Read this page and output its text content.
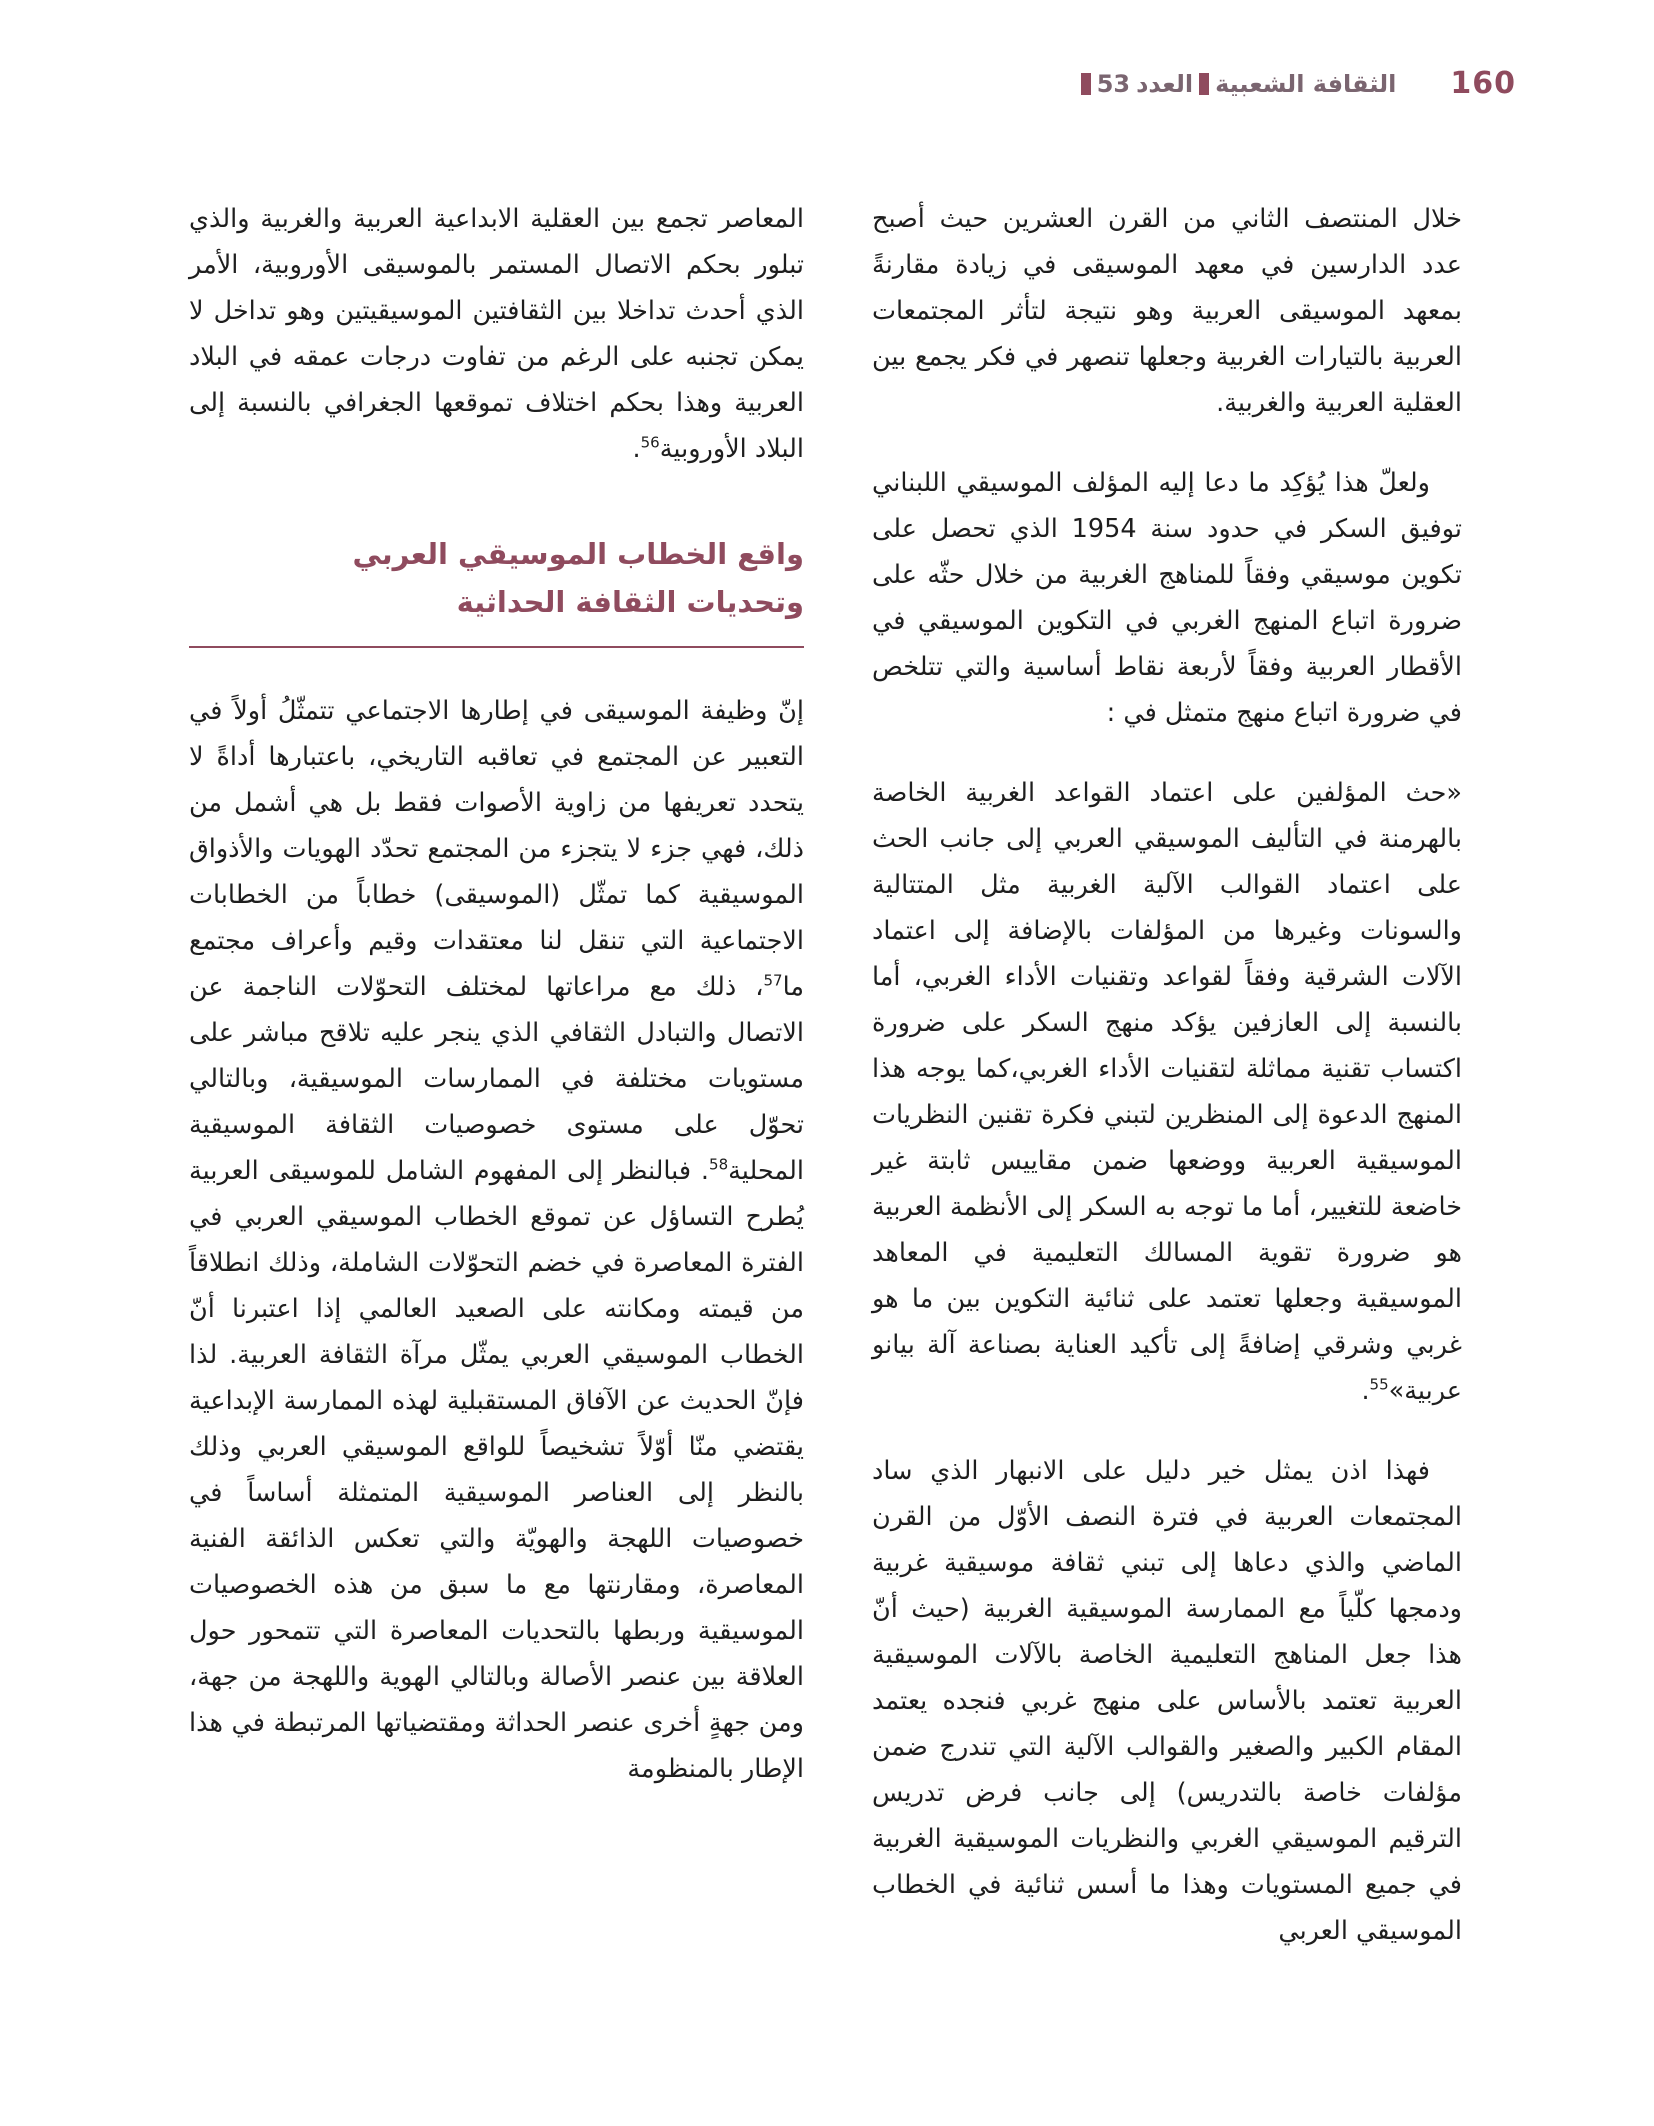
160
الثقافة الشعبية
العدد
53

خلال المنتصف الثاني من القرن العشرين حيث أصبح عدد الدارسين في معهد الموسيقى في زيادة مقارنةً بمعهد الموسيقى العربية وهو نتيجة لتأثر المجتمعات العربية بالتيارات الغربية وجعلها تنصهر في فكر يجمع بين العقلية العربية والغربية.

ولعلّ هذا يُؤكِد ما دعا إليه المؤلف الموسيقي اللبناني توفيق السكر في حدود سنة 1954 الذي تحصل على تكوين موسيقي وفقاً للمناهج الغربية من خلال حثّه على ضرورة اتباع المنهج الغربي في التكوين الموسيقي في الأقطار العربية وفقاً لأربعة نقاط أساسية والتي تتلخص في ضرورة اتباع منهج متمثل في :

«حث المؤلفين على اعتماد القواعد الغربية الخاصة بالهرمنة في التأليف الموسيقي العربي إلى جانب الحث على اعتماد القوالب الآلية الغربية مثل المتتالية والسونات وغيرها من المؤلفات بالإضافة إلى اعتماد الآلات الشرقية وفقاً لقواعد وتقنيات الأداء الغربي، أما بالنسبة إلى العازفين يؤكد منهج السكر على ضرورة اكتساب تقنية مماثلة لتقنيات الأداء الغربي،كما يوجه هذا المنهج الدعوة إلى المنظرين لتبني فكرة تقنين النظريات الموسيقية العربية ووضعها ضمن مقاييس ثابتة غير خاضعة للتغيير، أما ما توجه به السكر إلى الأنظمة العربية هو ضرورة تقوية المسالك التعليمية في المعاهد الموسيقية وجعلها تعتمد على ثنائية التكوين بين ما هو غربي وشرقي إضافةً إلى تأكيد العناية بصناعة آلة بيانو عربية»$^{55}$.

فهذا اذن يمثل خير دليل على الانبهار الذي ساد المجتمعات العربية في فترة النصف الأوّل من القرن الماضي والذي دعاها إلى تبني ثقافة موسيقية غربية ودمجها كلّياً مع الممارسة الموسيقية الغربية (حيث أنّ هذا جعل المناهج التعليمية الخاصة بالآلات الموسيقية العربية تعتمد بالأساس على منهج غربي فنجده يعتمد المقام الكبير والصغير والقوالب الآلية التي تندرج ضمن مؤلفات خاصة بالتدريس) إلى جانب فرض تدريس الترقيم الموسيقي الغربي والنظريات الموسيقية الغربية في جميع المستويات وهذا ما أسس ثنائية في الخطاب الموسيقي العربي

المعاصر تجمع بين العقلية الابداعية العربية والغربية والذي تبلور بحكم الاتصال المستمر بالموسيقى الأوروبية، الأمر الذي أحدث تداخلا بين الثقافتين الموسيقيتين وهو تداخل لا يمكن تجنبه على الرغم من تفاوت درجات عمقه في البلاد العربية وهذا بحكم اختلاف تموقعها الجغرافي بالنسبة إلى البلاد الأوروبية$^{56}$.

واقع الخطاب الموسيقي العربي
وتحديات الثقافة الحداثية

إنّ وظيفة الموسيقى في إطارها الاجتماعي تتمثّلُ أولاً في التعبير عن المجتمع في تعاقبه التاريخي، باعتبارها أداةً لا يتحدد تعريفها من زاوية الأصوات فقط بل هي أشمل من ذلك، فهي جزء لا يتجزء من المجتمع تحدّد الهويات والأذواق الموسيقية كما تمثّل (الموسيقى) خطاباً من الخطابات الاجتماعية التي تنقل لنا معتقدات وقيم وأعراف مجتمع ما$^{57}$، ذلك مع مراعاتها لمختلف التحوّلات الناجمة عن الاتصال والتبادل الثقافي الذي ينجر عليه تلاقح مباشر على مستويات مختلفة في الممارسات الموسيقية، وبالتالي تحوّل على مستوى خصوصيات الثقافة الموسيقية المحلية$^{58}$. فبالنظر إلى المفهوم الشامل للموسيقى العربية يُطرح التساؤل عن تموقع الخطاب الموسيقي العربي في الفترة المعاصرة في خضم التحوّلات الشاملة، وذلك انطلاقاً من قيمته ومكانته على الصعيد العالمي إذا اعتبرنا أنّ الخطاب الموسيقي العربي يمثّل مرآة الثقافة العربية. لذا فإنّ الحديث عن الآفاق المستقبلية لهذه الممارسة الإبداعية يقتضي منّا أوّلاً تشخيصاً للواقع الموسيقي العربي وذلك بالنظر إلى العناصر الموسيقية المتمثلة أساساً في خصوصيات اللهجة والهويّة والتي تعكس الذائقة الفنية المعاصرة، ومقارنتها مع ما سبق من هذه الخصوصيات الموسيقية وربطها بالتحديات المعاصرة التي تتمحور حول العلاقة بين عنصر الأصالة وبالتالي الهوية واللهجة من جهة، ومن جهةٍ أخرى عنصر الحداثة ومقتضياتها المرتبطة في هذا الإطار بالمنظومة
